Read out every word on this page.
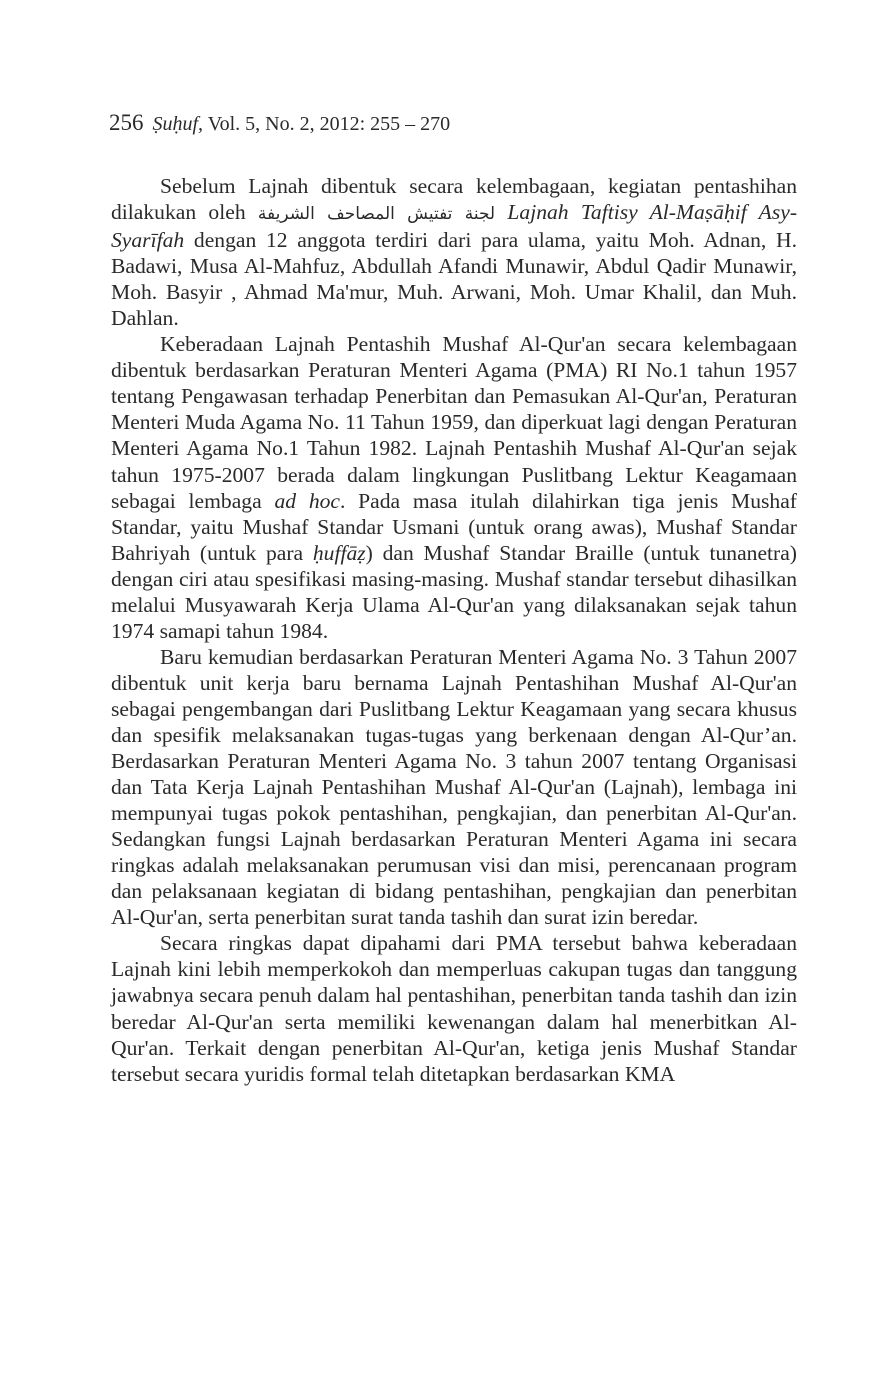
256 Ṣuḥuf, Vol. 5, No. 2, 2012: 255 – 270

Sebelum Lajnah dibentuk secara kelembagaan, kegiatan pentashihan dilakukan oleh لجنة تفتيش المصاحف الشريفة Lajnah Taftisy Al-Maṣāḥif Asy-Syarīfah dengan 12 anggota terdiri dari para ulama, yaitu Moh. Adnan, H. Badawi, Musa Al-Mahfuz, Abdullah Afandi Munawir, Abdul Qadir Munawir, Moh. Basyir , Ahmad Ma'mur, Muh. Arwani, Moh. Umar Khalil, dan Muh. Dahlan.

Keberadaan Lajnah Pentashih Mushaf Al-Qur'an secara kelembagaan dibentuk berdasarkan Peraturan Menteri Agama (PMA) RI No.1 tahun 1957 tentang Pengawasan terhadap Penerbitan dan Pemasukan Al-Qur'an, Peraturan Menteri Muda Agama No. 11 Tahun 1959, dan diperkuat lagi dengan Peraturan Menteri Agama No.1 Tahun 1982. Lajnah Pentashih Mushaf Al-Qur'an sejak tahun 1975-2007 berada dalam lingkungan Puslitbang Lektur Keagamaan sebagai lembaga ad hoc. Pada masa itulah dilahirkan tiga jenis Mushaf Standar, yaitu Mushaf Standar Usmani (untuk orang awas), Mushaf Standar Bahriyah (untuk para ḥuffāẓ) dan Mushaf Standar Braille (untuk tunanetra) dengan ciri atau spesifikasi masing-masing. Mushaf standar tersebut dihasilkan melalui Musyawarah Kerja Ulama Al-Qur'an yang dilaksanakan sejak tahun 1974 samapi tahun 1984.

Baru kemudian berdasarkan Peraturan Menteri Agama No. 3 Tahun 2007 dibentuk unit kerja baru bernama Lajnah Pentashihan Mushaf Al-Qur'an sebagai pengembangan dari Puslitbang Lektur Keagamaan yang secara khusus dan spesifik melaksanakan tugas-tugas yang berkenaan dengan Al-Qur’an. Berdasarkan Peraturan Menteri Agama No. 3 tahun 2007 tentang Organisasi dan Tata Kerja Lajnah Pentashihan Mushaf Al-Qur'an (Lajnah), lembaga ini mempunyai tugas pokok pentashihan, pengkajian, dan penerbitan Al-Qur'an. Sedangkan fungsi Lajnah berdasarkan Peraturan Menteri Agama ini secara ringkas adalah melaksanakan perumusan visi dan misi, perencanaan program dan pelaksanaan kegiatan di bidang pentashihan, pengkajian dan penerbitan Al-Qur'an, serta penerbitan surat tanda tashih dan surat izin beredar.

Secara ringkas dapat dipahami dari PMA tersebut bahwa keberadaan Lajnah kini lebih memperkokoh dan memperluas cakupan tugas dan tanggung jawabnya secara penuh dalam hal pentashihan, penerbitan tanda tashih dan izin beredar Al-Qur'an serta memiliki kewenangan dalam hal menerbitkan Al-Qur'an. Terkait dengan penerbitan Al-Qur'an, ketiga jenis Mushaf Standar tersebut secara yuridis formal telah ditetapkan berdasarkan KMA
